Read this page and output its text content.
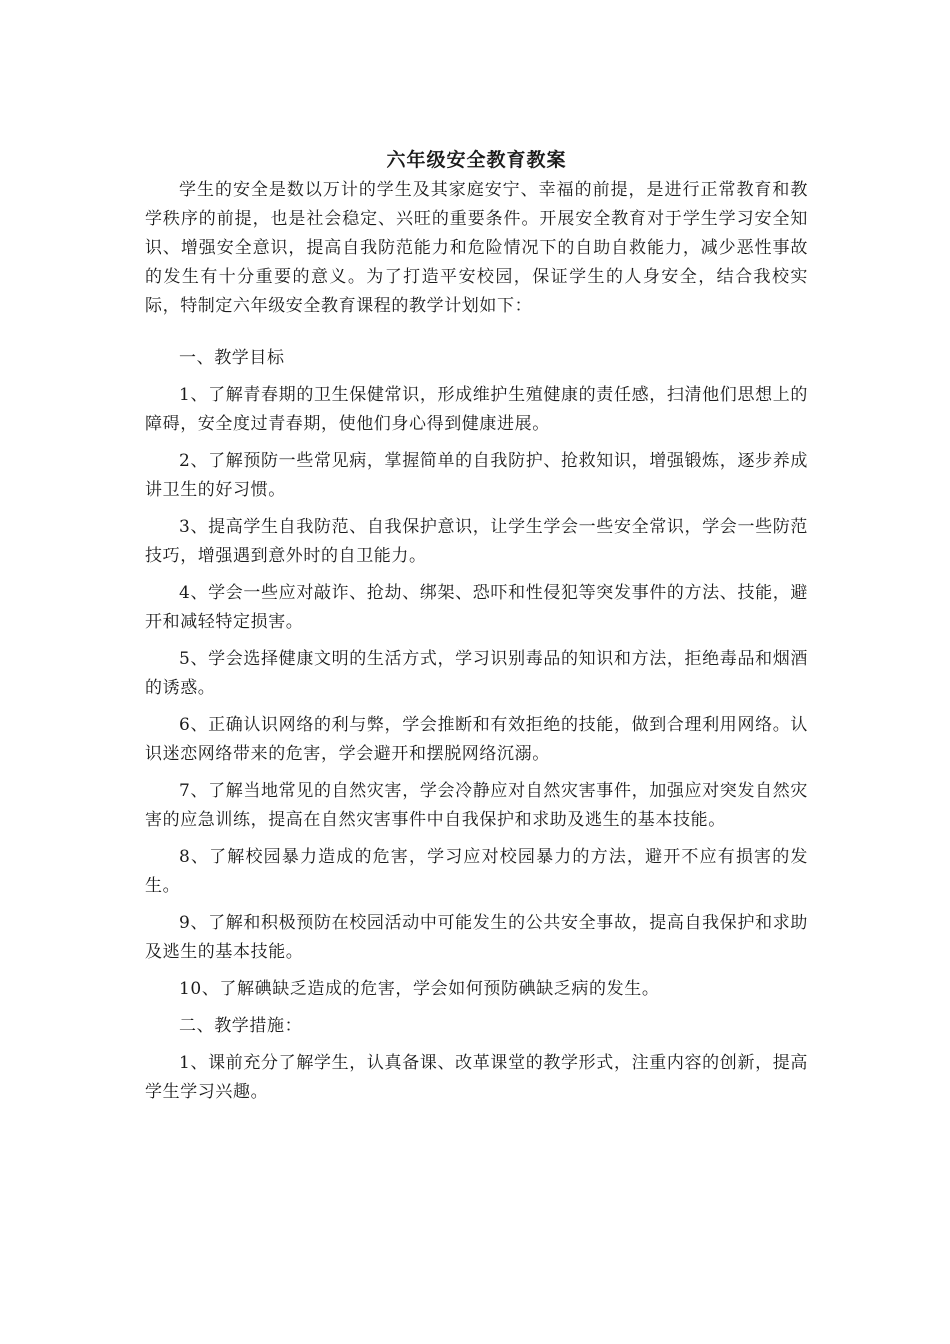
六年级安全教育教案

学生的安全是数以万计的学生及其家庭安宁、幸福的前提，是进行正常教育和教学秩序的前提，也是社会稳定、兴旺的重要条件。开展安全教育对于学生学习安全知识、增强安全意识，提高自我防范能力和危险情况下的自助自救能力，减少恶性事故的发生有十分重要的意义。为了打造平安校园，保证学生的人身安全，结合我校实际，特制定六年级安全教育课程的教学计划如下：

一、教学目标

1、了解青春期的卫生保健常识，形成维护生殖健康的责任感，扫清他们思想上的障碍，安全度过青春期，使他们身心得到健康进展。

2、了解预防一些常见病，掌握简单的自我防护、抢救知识，增强锻炼，逐步养成讲卫生的好习惯。

3、提高学生自我防范、自我保护意识，让学生学会一些安全常识，学会一些防范技巧，增强遇到意外时的自卫能力。

4、学会一些应对敲诈、抢劫、绑架、恐吓和性侵犯等突发事件的方法、技能，避开和减轻特定损害。

5、学会选择健康文明的生活方式，学习识别毒品的知识和方法，拒绝毒品和烟酒的诱惑。

6、正确认识网络的利与弊，学会推断和有效拒绝的技能，做到合理利用网络。认识迷恋网络带来的危害，学会避开和摆脱网络沉溺。

7、了解当地常见的自然灾害，学会冷静应对自然灾害事件，加强应对突发自然灾害的应急训练，提高在自然灾害事件中自我保护和求助及逃生的基本技能。

8、了解校园暴力造成的危害，学习应对校园暴力的方法，避开不应有损害的发生。

9、了解和积极预防在校园活动中可能发生的公共安全事故，提高自我保护和求助及逃生的基本技能。

10、了解碘缺乏造成的危害，学会如何预防碘缺乏病的发生。

二、教学措施：

1、课前充分了解学生，认真备课、改革课堂的教学形式，注重内容的创新，提高学生学习兴趣。
